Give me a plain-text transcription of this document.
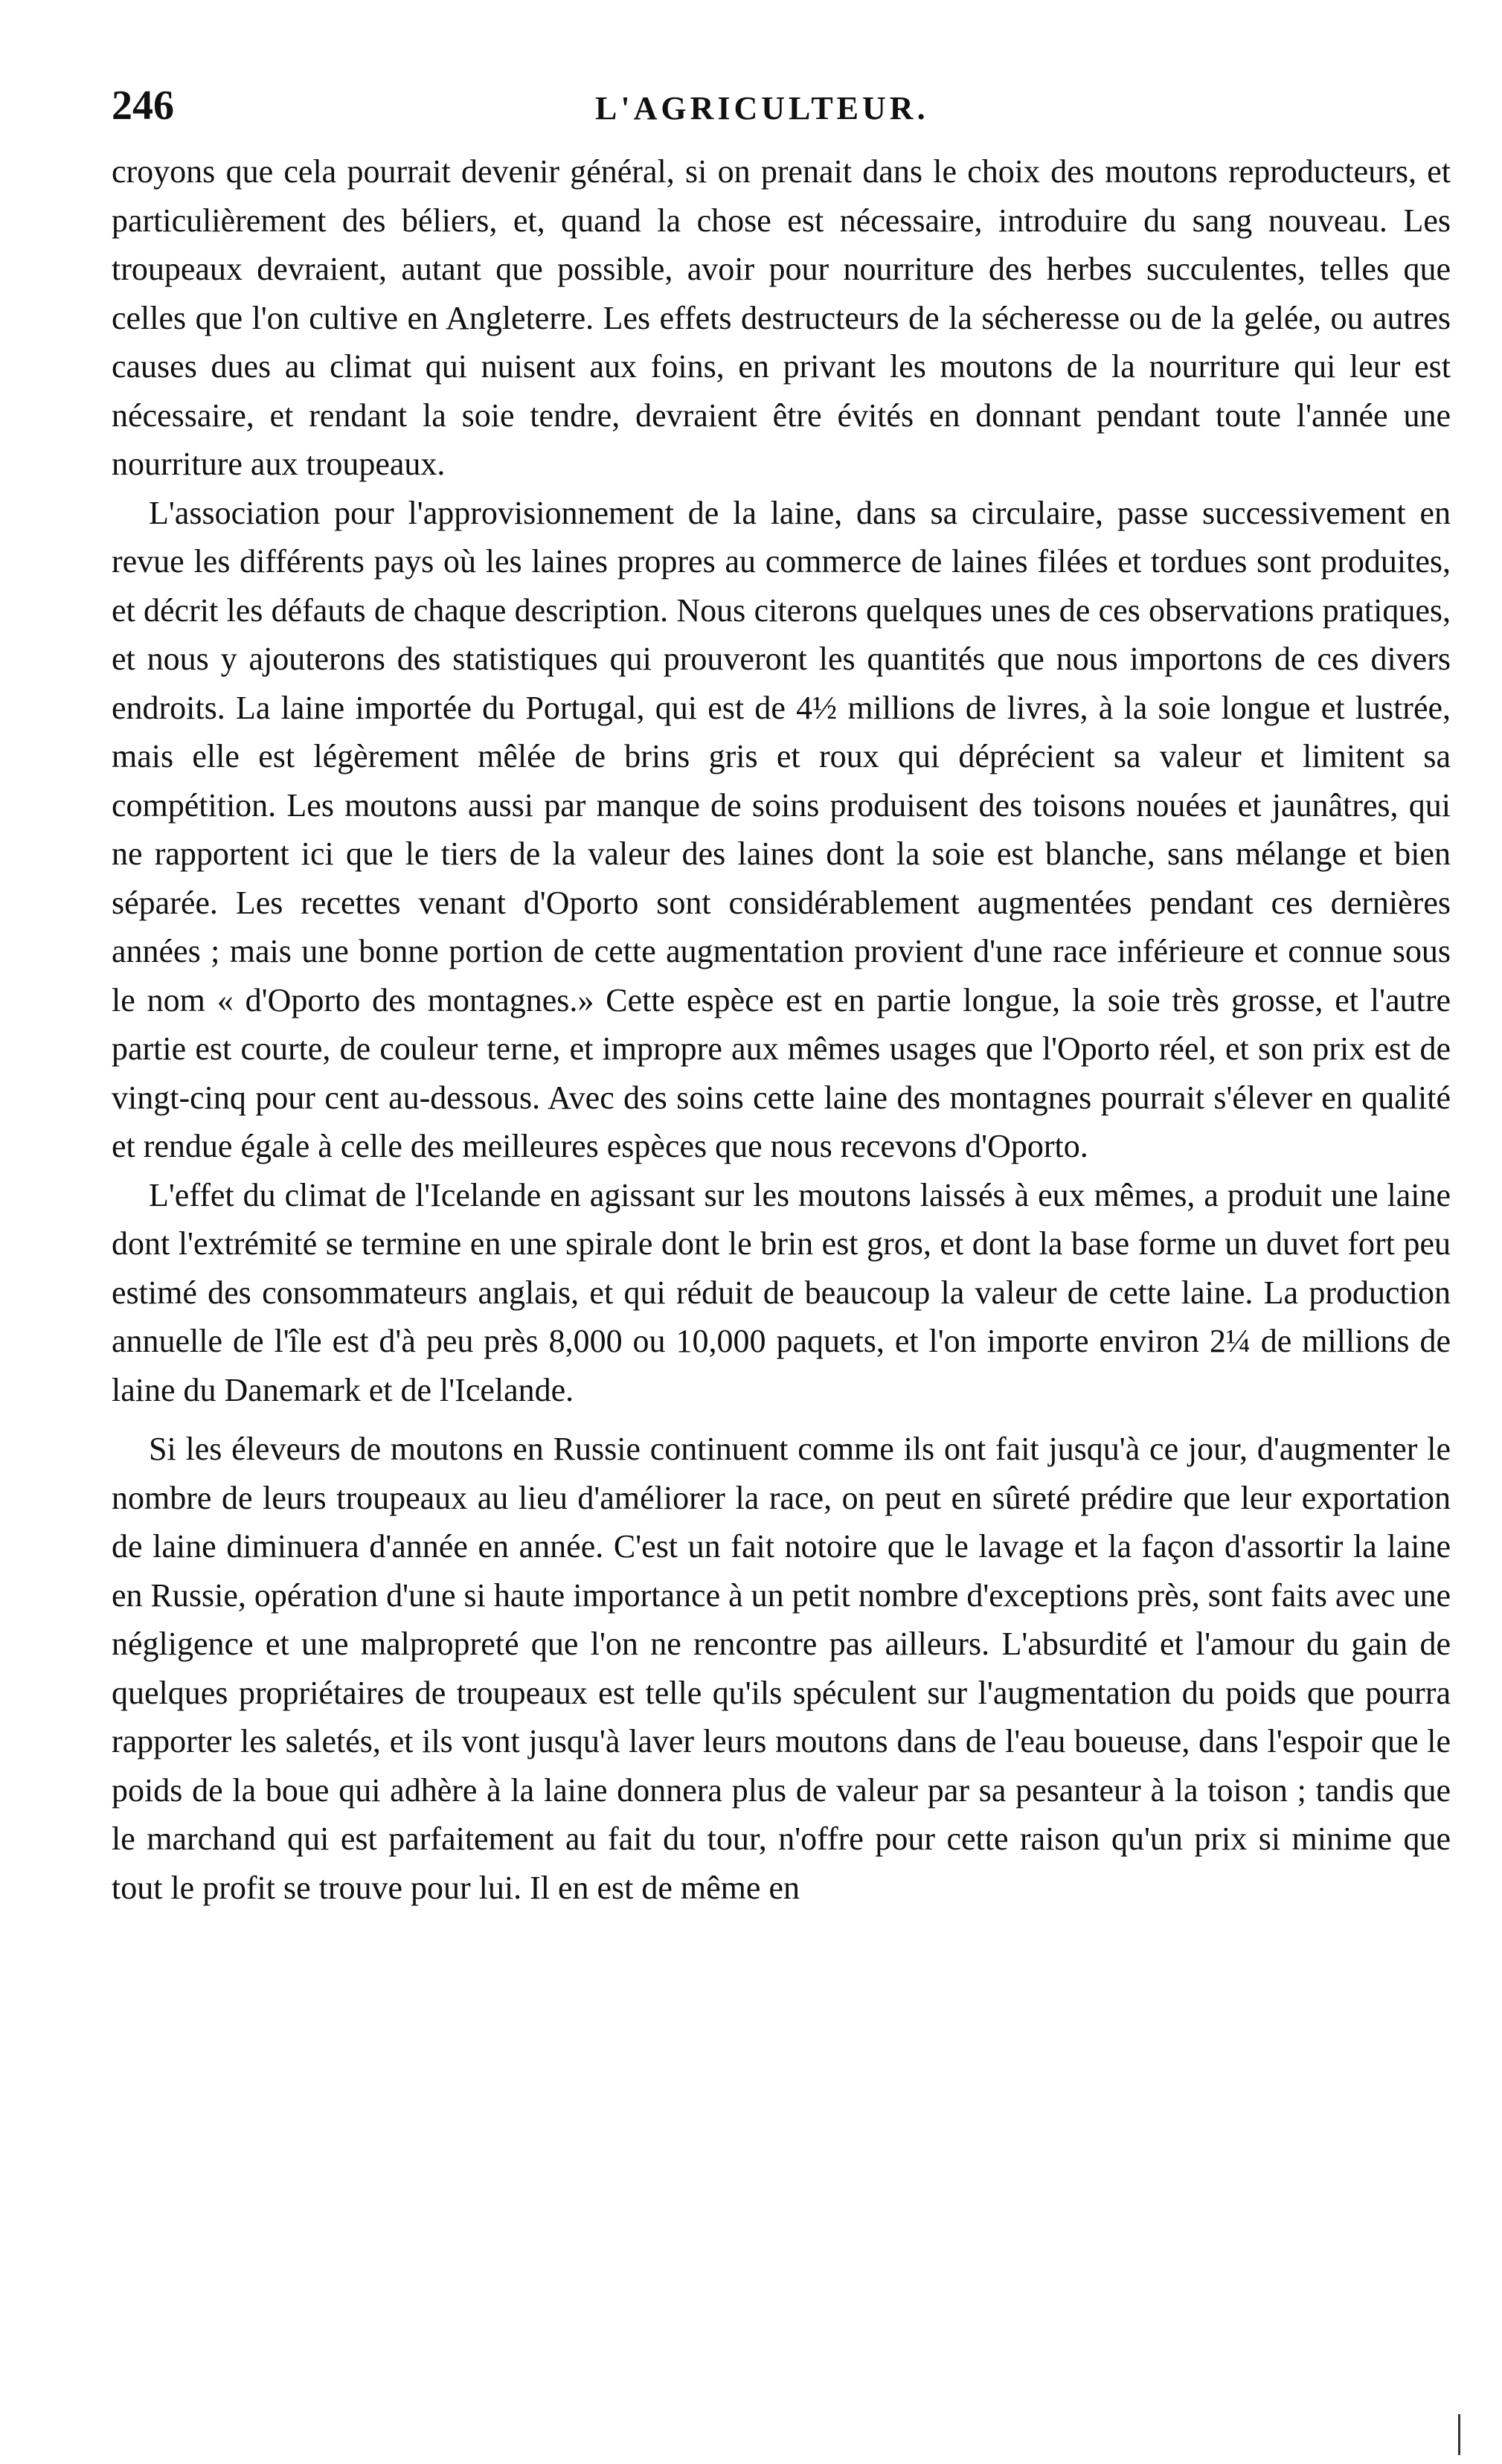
246	L'AGRICULTEUR.

croyons que cela pourrait devenir général, si on prenait dans le choix des moutons reproducteurs, et particulièrement des béliers, et, quand la chose est nécessaire, introduire du sang nouveau. Les troupeaux devraient, autant que possible, avoir pour nourriture des herbes succulentes, telles que celles que l'on cultive en Angleterre. Les effets destructeurs de la sécheresse ou de la gelée, ou autres causes dues au climat qui nuisent aux foins, en privant les moutons de la nourriture qui leur est nécessaire, et rendant la soie tendre, devraient être évités en donnant pendant toute l'année une nourriture aux troupeaux.

L'association pour l'approvisionnement de la laine, dans sa circulaire, passe successivement en revue les différents pays où les laines propres au commerce de laines filées et tordues sont produites, et décrit les défauts de chaque description. Nous citerons quelques unes de ces observations pratiques, et nous y ajouterons des statistiques qui prouveront les quantités que nous importons de ces divers endroits. La laine importée du Portugal, qui est de 4½ millions de livres, à la soie longue et lustrée, mais elle est légèrement mêlée de brins gris et roux qui déprécient sa valeur et limitent sa compétition. Les moutons aussi par manque de soins produisent des toisons nouées et jaunâtres, qui ne rapportent ici que le tiers de la valeur des laines dont la soie est blanche, sans mélange et bien séparée. Les recettes venant d'Oporto sont considérablement augmentées pendant ces dernières années ; mais une bonne portion de cette augmentation provient d'une race inférieure et connue sous le nom « d'Oporto des montagnes.» Cette espèce est en partie longue, la soie très grosse, et l'autre partie est courte, de couleur terne, et impropre aux mêmes usages que l'Oporto réel, et son prix est de vingt-cinq pour cent au-dessous. Avec des soins cette laine des montagnes pourrait s'élever en qualité et rendue égale à celle des meilleures espèces que nous recevons d'Oporto.

L'effet du climat de l'Icelande en agissant sur les moutons laissés à eux mêmes, a produit une laine dont l'extrémité se termine en une spirale dont le brin est gros, et dont la base forme un duvet fort peu estimé des consommateurs anglais, et qui réduit de beaucoup la valeur de cette laine. La production annuelle de l'île est d'à peu près 8,000 ou 10,000 paquets, et l'on importe environ 2¼ de millions de laine du Danemark et de l'Icelande.

Si les éleveurs de moutons en Russie continuent comme ils ont fait jusqu'à ce jour, d'augmenter le nombre de leurs troupeaux au lieu d'améliorer la race, on peut en sûreté prédire que leur exportation de laine diminuera d'année en année. C'est un fait notoire que le lavage et la façon d'assortir la laine en Russie, opération d'une si haute importance à un petit nombre d'exceptions près, sont faits avec une négligence et une malpropreté que l'on ne rencontre pas ailleurs. L'absurdité et l'amour du gain de quelques propriétaires de troupeaux est telle qu'ils spéculent sur l'augmentation du poids que pourra rapporter les saletés, et ils vont jusqu'à laver leurs moutons dans de l'eau boueuse, dans l'espoir que le poids de la boue qui adhère à la laine donnera plus de valeur par sa pesanteur à la toison ; tandis que le marchand qui est parfaitement au fait du tour, n'offre pour cette raison qu'un prix si minime que tout le profit se trouve pour lui. Il en est de même en
